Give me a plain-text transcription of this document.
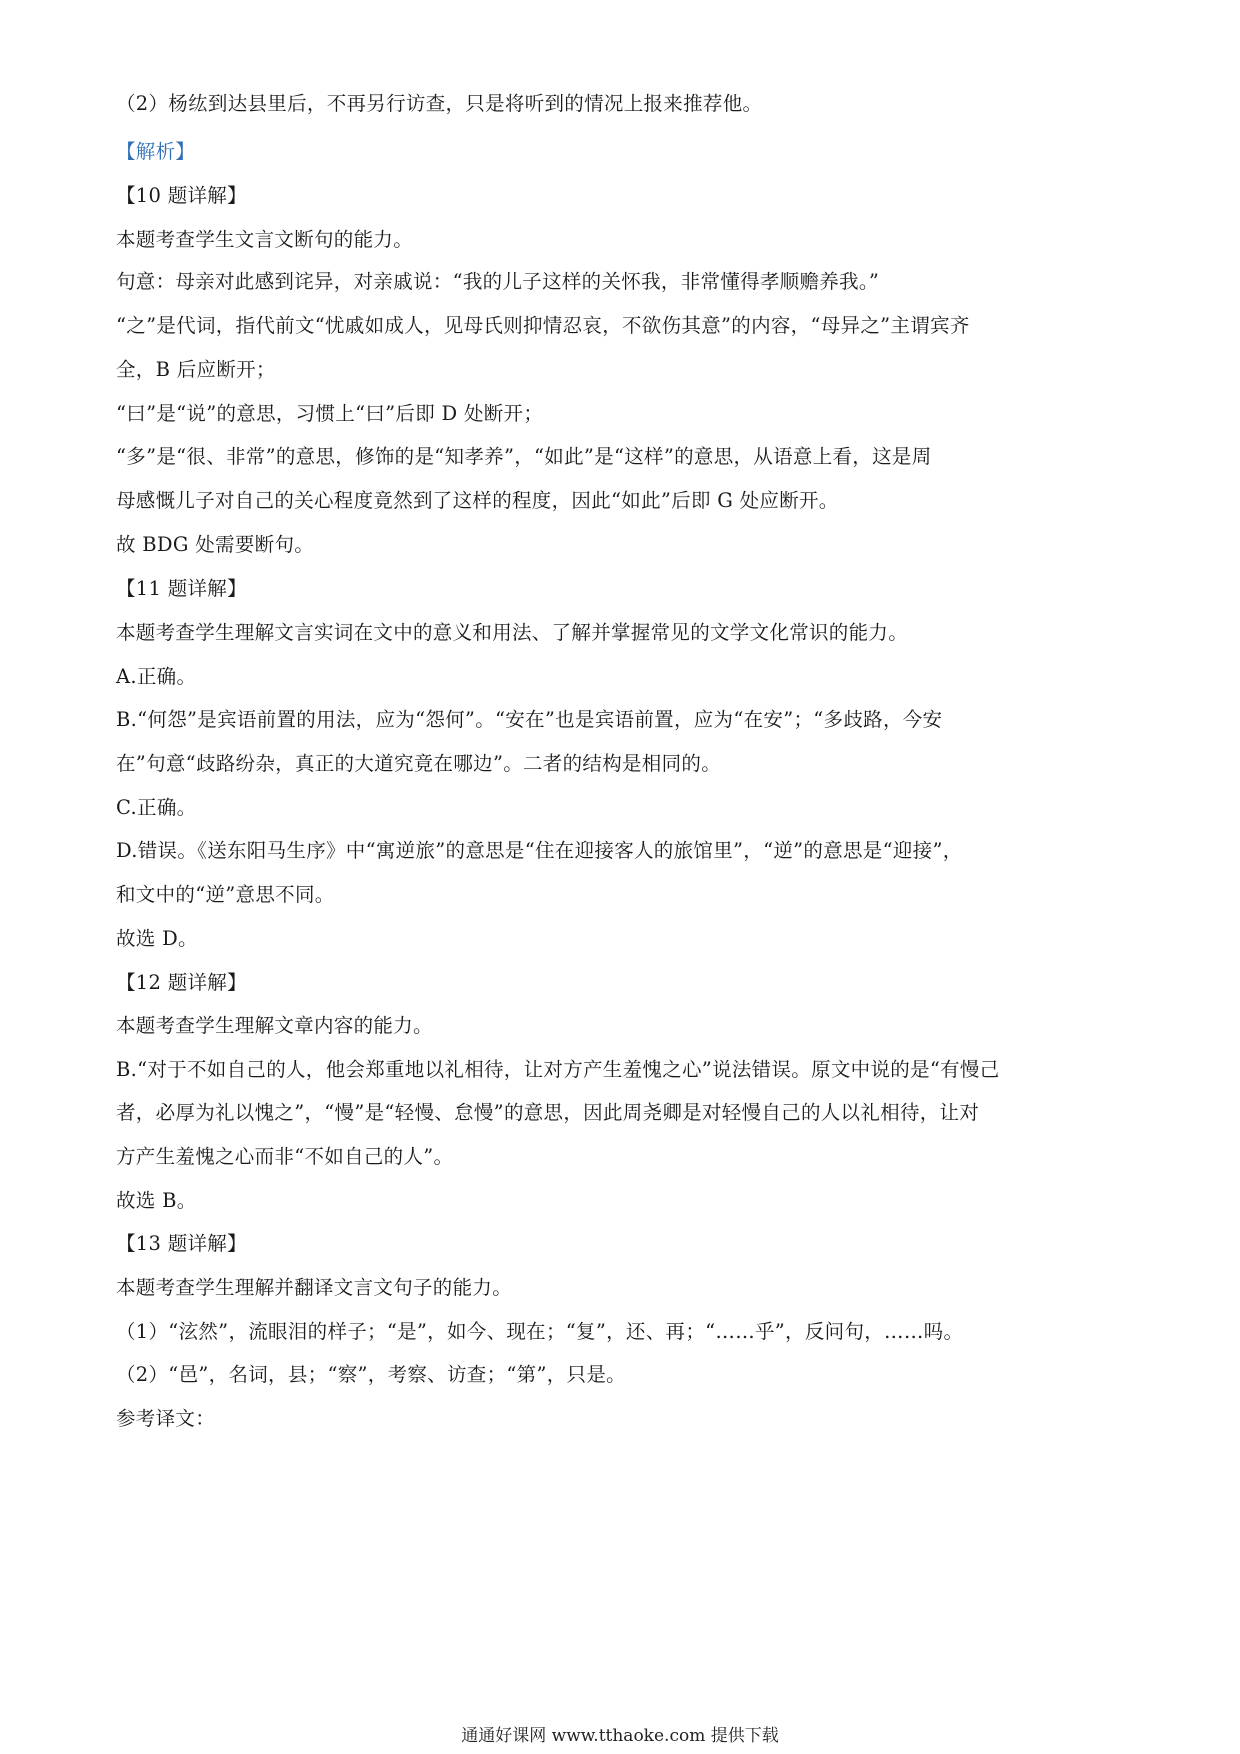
（2）杨纮到达县里后，不再另行访查，只是将听到的情况上报来推荐他。
【解析】
【10 题详解】
本题考查学生文言文断句的能力。
句意：母亲对此感到诧异，对亲戚说：“我的儿子这样的关怀我，非常懂得孝顺赡养我。”
“之”是代词，指代前文“忧戚如成人，见母氏则抑情忍哀，不欲伤其意”的内容，“母异之”主谓宾齐
全，B 后应断开；
“曰”是“说”的意思，习惯上“曰”后即 D 处断开；
“多”是“很、非常”的意思，修饰的是“知孝养”，“如此”是“这样”的意思，从语意上看，这是周
母感慨儿子对自己的关心程度竟然到了这样的程度，因此“如此”后即 G 处应断开。
故 BDG 处需要断句。
【11 题详解】
本题考查学生理解文言实词在文中的意义和用法、了解并掌握常见的文学文化常识的能力。
A.正确。
B.“何怨”是宾语前置的用法，应为“怨何”。“安在”也是宾语前置，应为“在安”；“多歧路，今安
在”句意“歧路纷杂，真正的大道究竟在哪边”。二者的结构是相同的。
C.正确。
D.错误。《送东阳马生序》中“寓逆旅”的意思是“住在迎接客人的旅馆里”，“逆”的意思是“迎接”，
和文中的“逆”意思不同。
故选 D。
【12 题详解】
本题考查学生理解文章内容的能力。
B.“对于不如自己的人，他会郑重地以礼相待，让对方产生羞愧之心”说法错误。原文中说的是“有慢己
者，必厚为礼以愧之”，“慢”是“轻慢、怠慢”的意思，因此周尧卿是对轻慢自己的人以礼相待，让对
方产生羞愧之心而非“不如自己的人”。
故选 B。
【13 题详解】
本题考查学生理解并翻译文言文句子的能力。
（1）“泫然”，流眼泪的样子；“是”，如今、现在；“复”，还、再；“……乎”，反问句，……吗。
（2）“邑”，名词，县；“察”，考察、访查；“第”，只是。
参考译文：
通通好课网 www.tthaoke.com 提供下载
